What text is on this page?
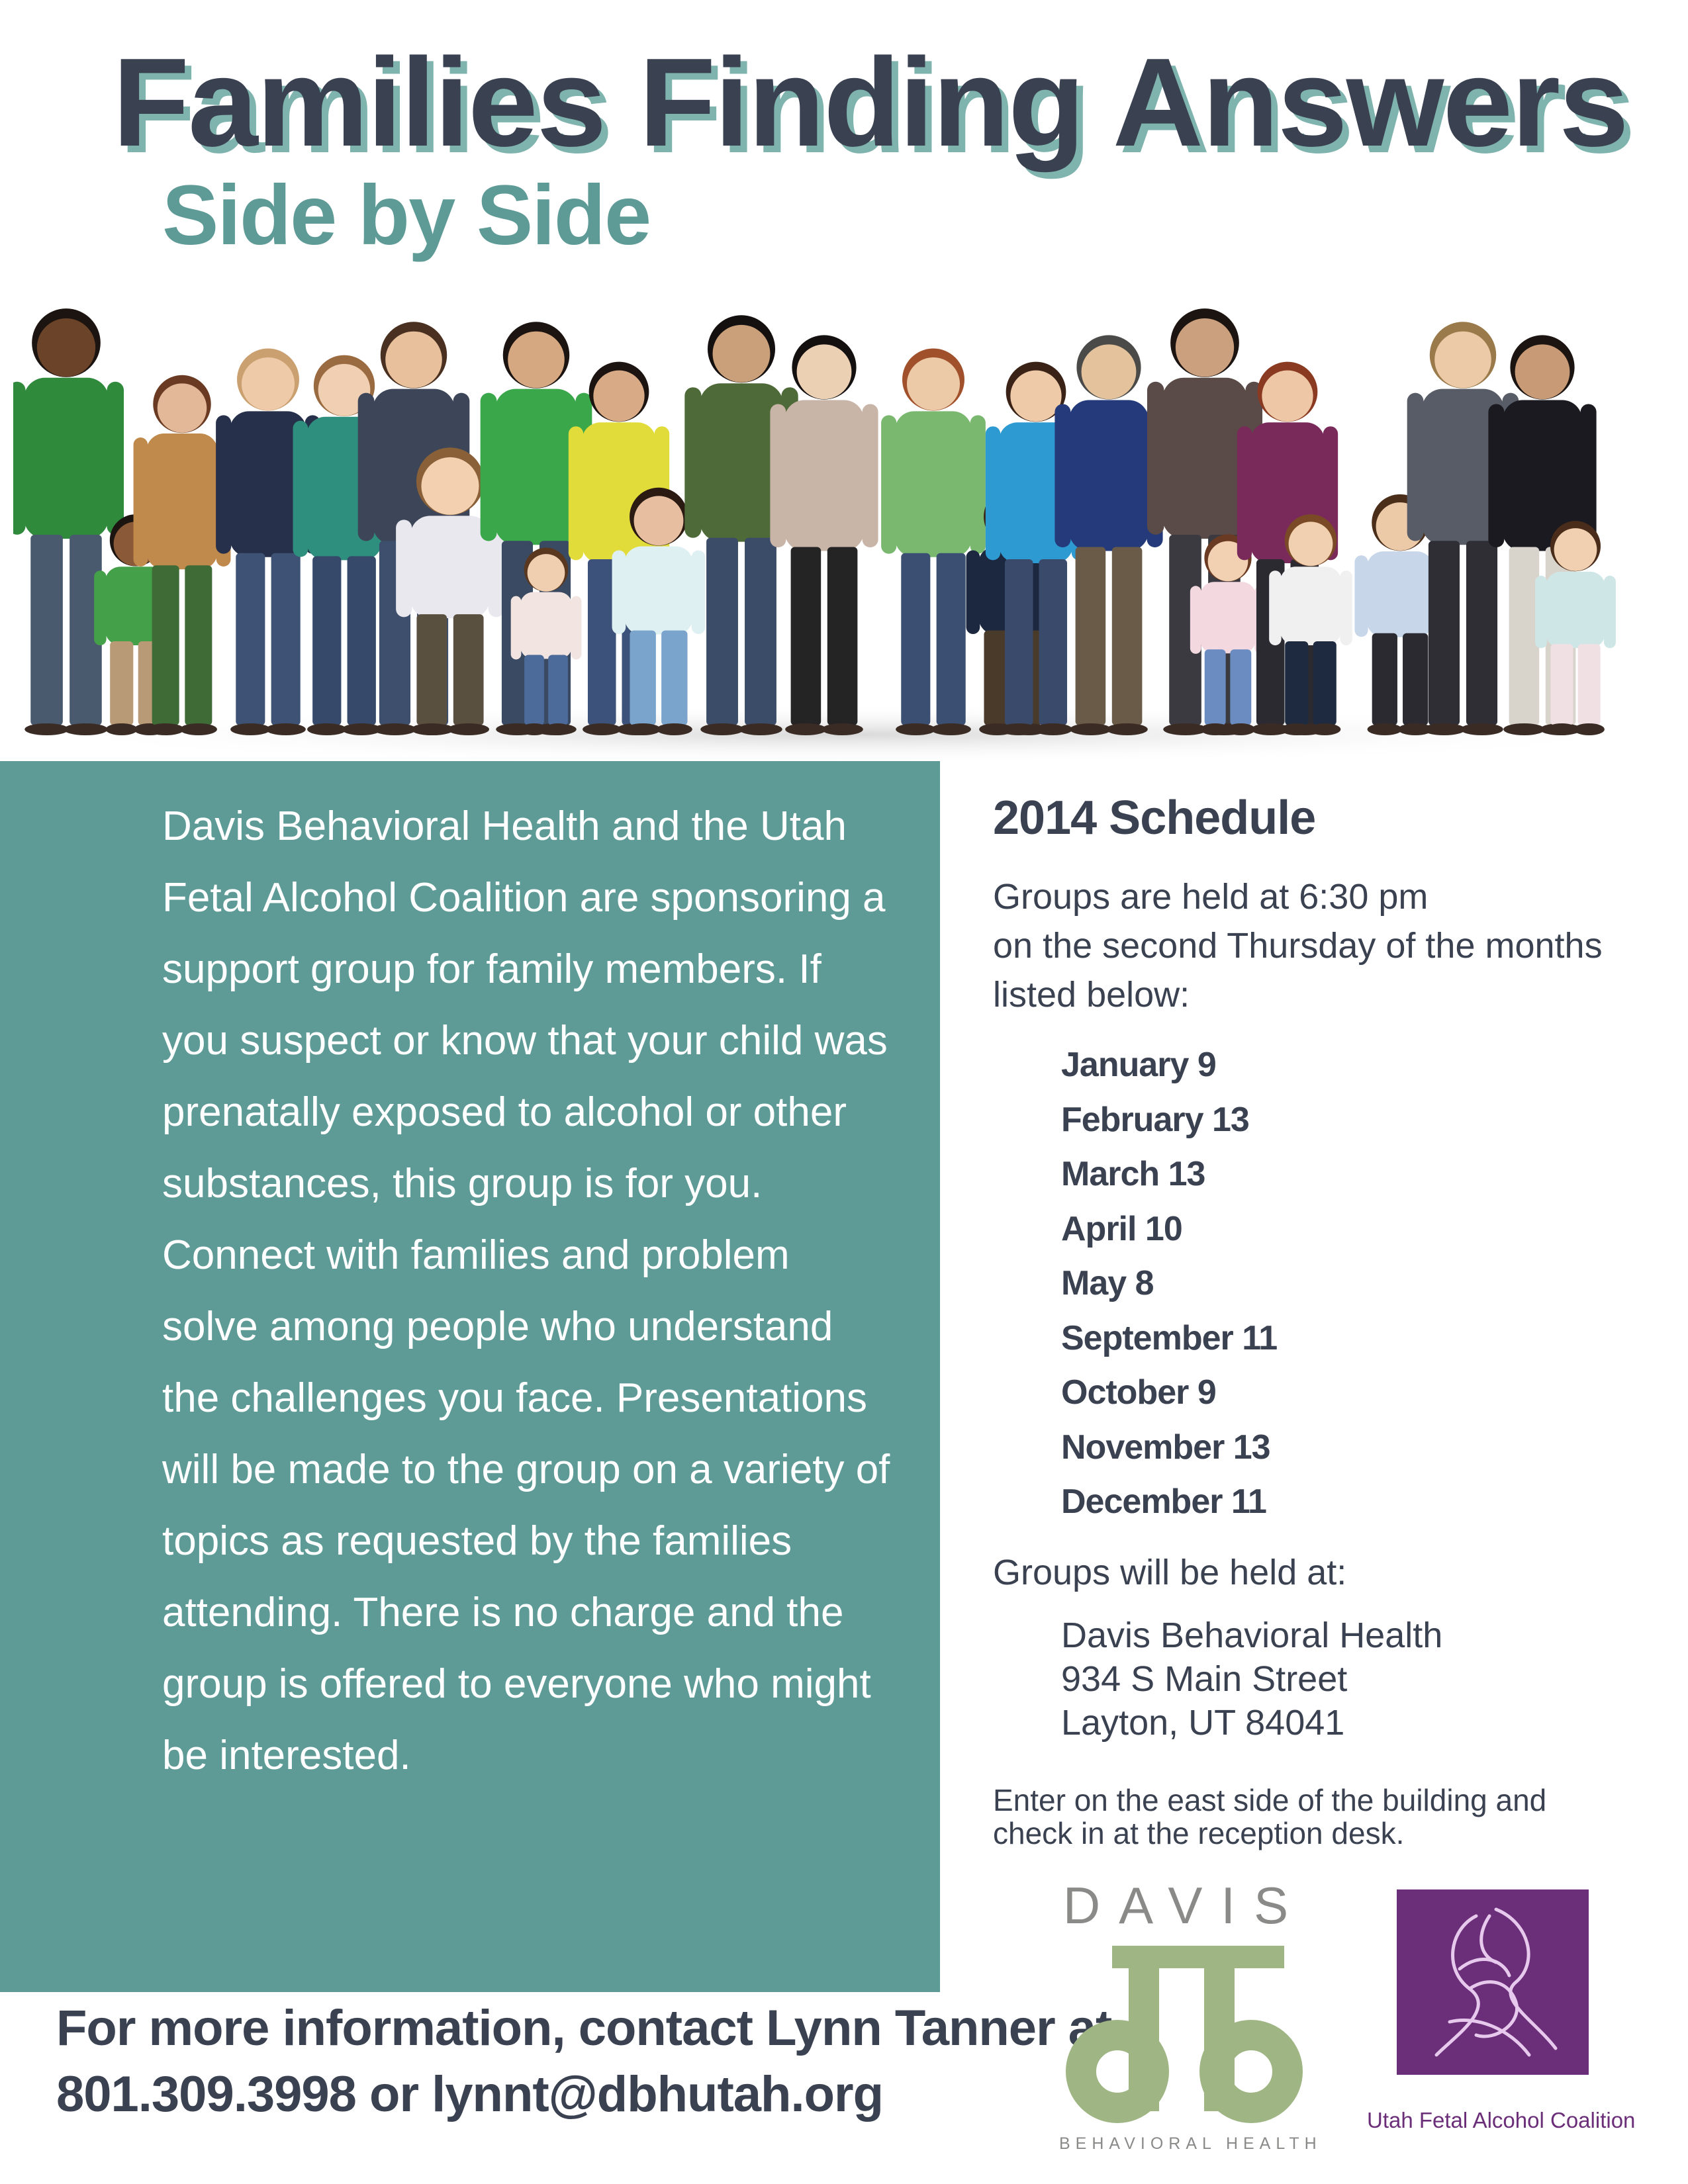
Families Finding Answers
Side by Side

Davis Behavioral Health and the Utah Fetal Alcohol Coalition are sponsoring a support group for family members. If you suspect or know that your child was prenatally exposed to alcohol or other substances, this group is for you. Connect with families and problem solve among people who understand the challenges you face. Presentations will be made to the group on a variety of topics as requested by the families attending. There is no charge and the group is offered to everyone who might be interested.

For more information, contact Lynn Tanner at
801.309.3998 or lynnt@dbhutah.org

2014 Schedule

Groups are held at 6:30 pm
on the second Thursday of the months
listed below:

January 9
February 13
March 13
April 10
May 8
September 11
October 9
November 13
December 11

Groups will be held at:

Davis Behavioral Health
934 S Main Street
Layton, UT 84041

Enter on the east side of the building and
check in at the reception desk.

DAVIS
BEHAVIORAL HEALTH

Utah Fetal Alcohol Coalition
